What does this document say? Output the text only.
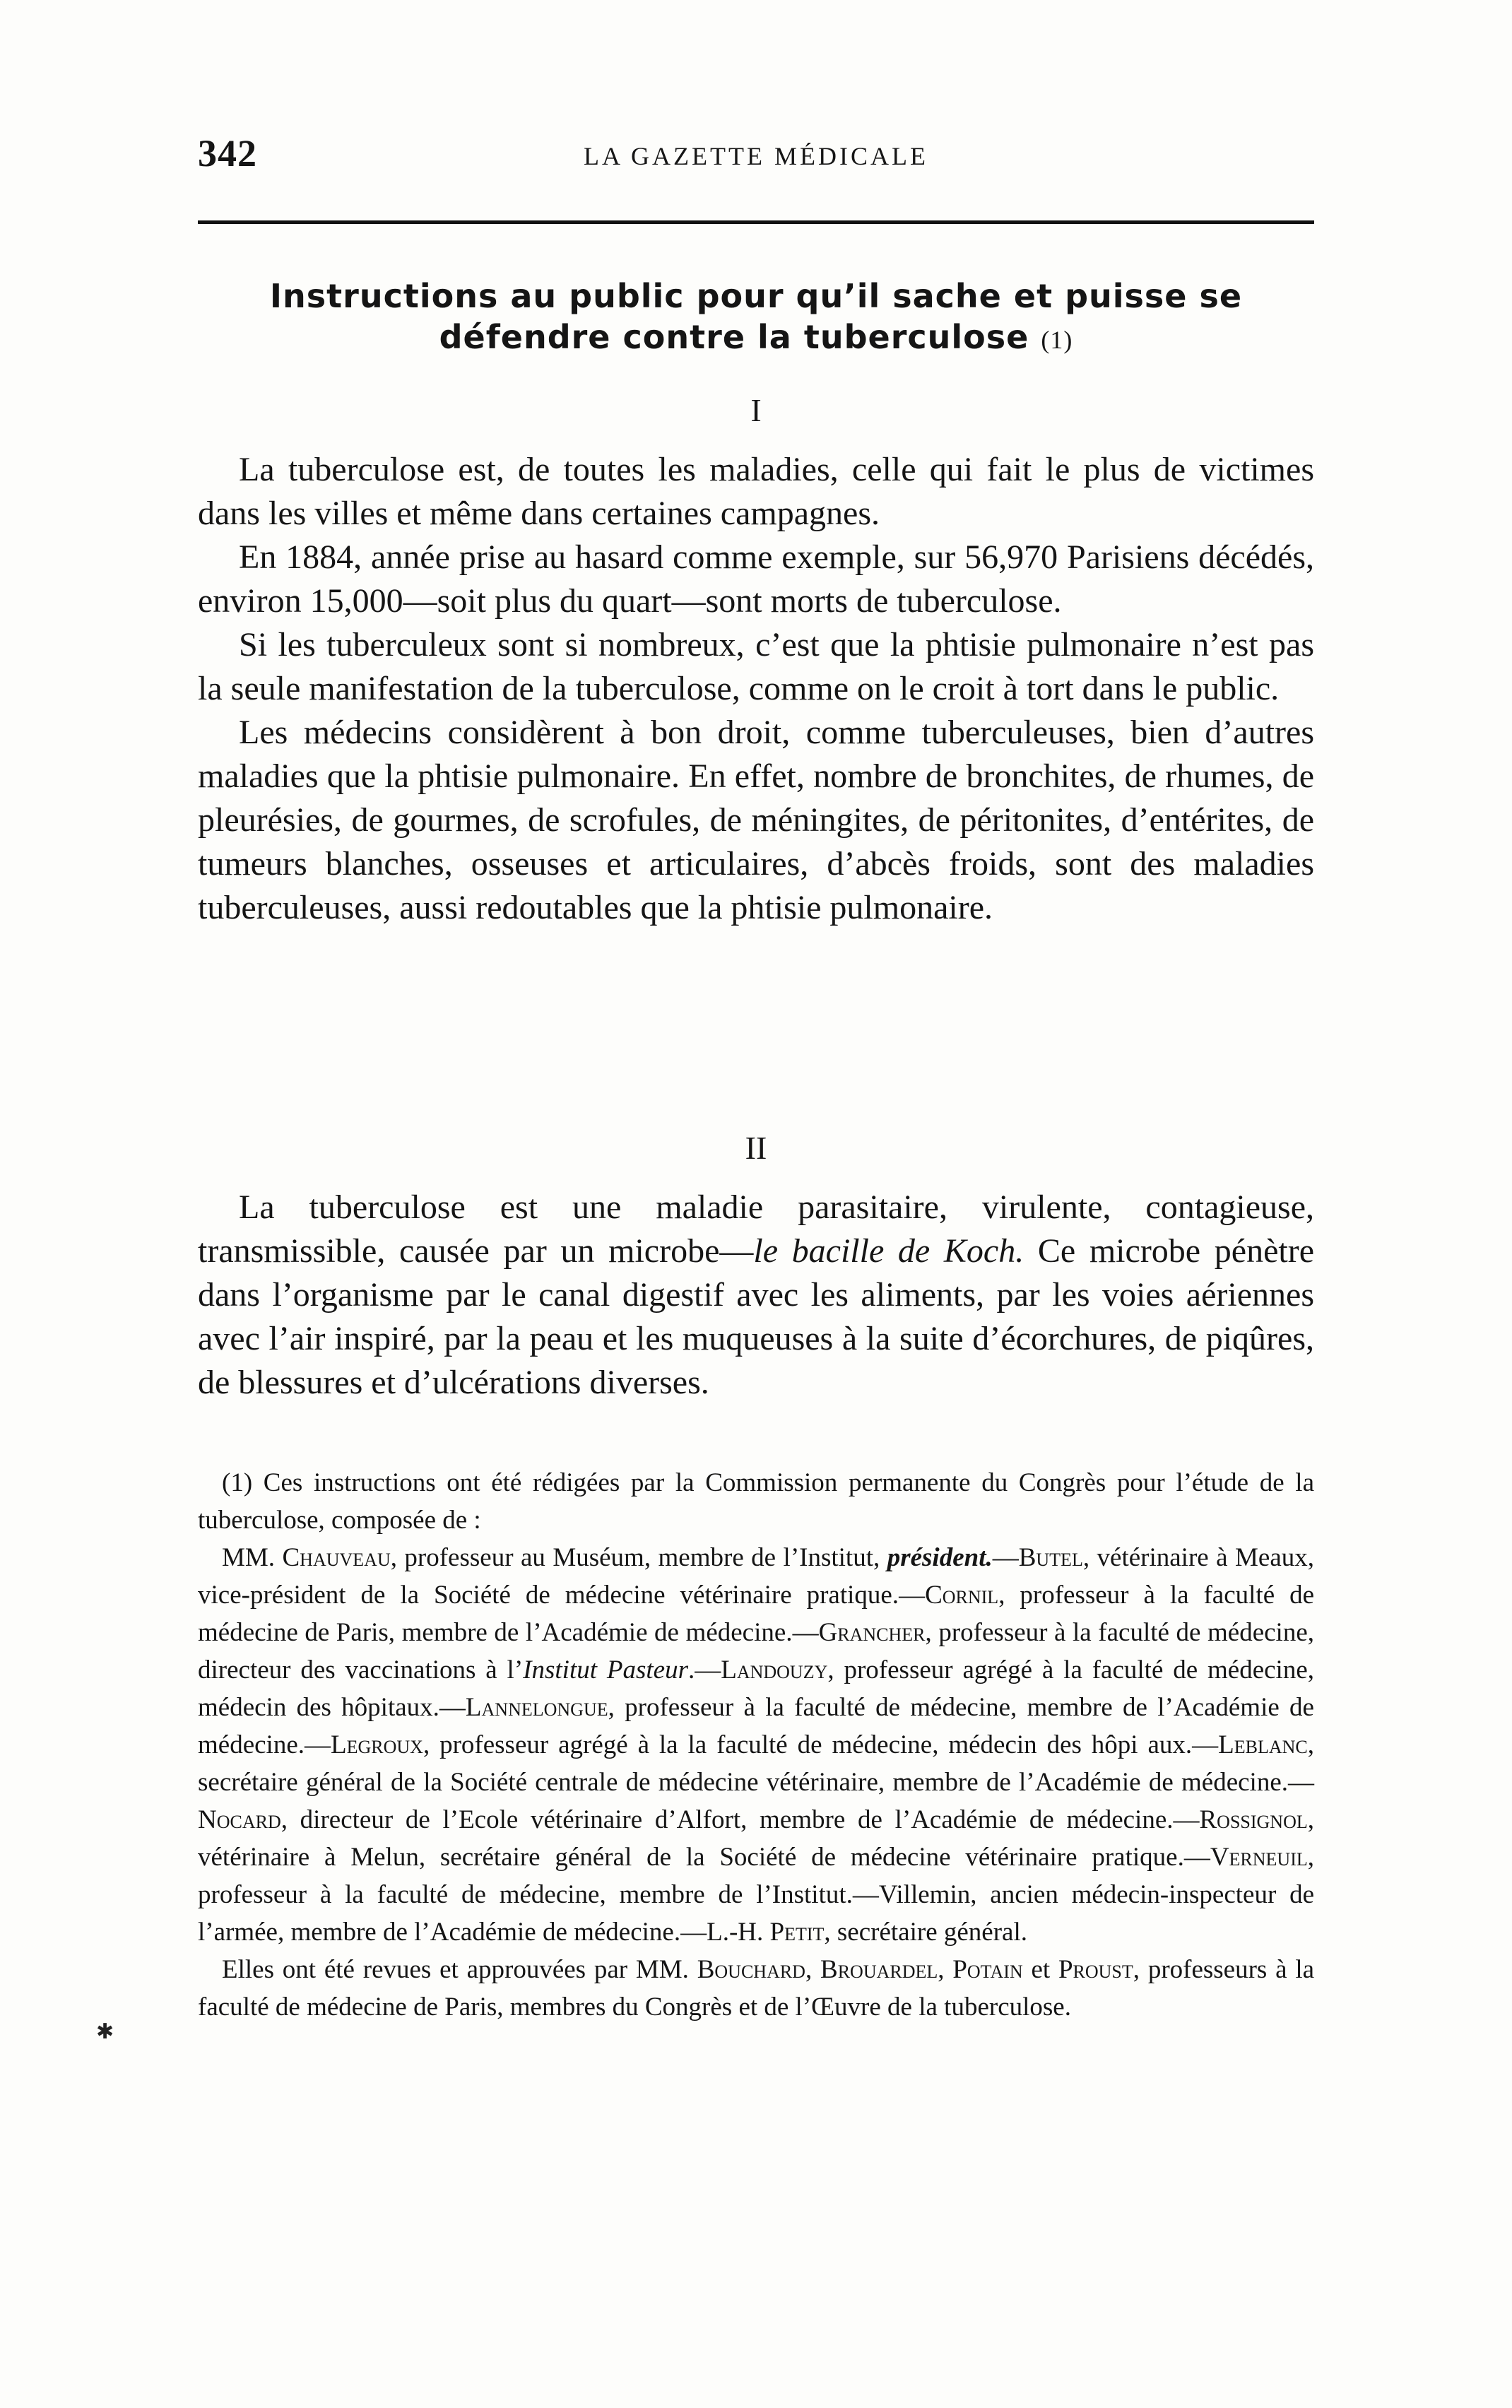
342	LA GAZETTE MÉDICALE
Instructions au public pour qu’il sache et puisse se
défendre contre la tuberculose (1)
I

La tuberculose est, de toutes les maladies, celle qui fait le plus de victimes dans les villes et même dans certaines campagnes.

En 1884, année prise au hasard comme exemple, sur 56,970 Parisiens décédés, environ 15,000—soit plus du quart—sont morts de tuberculose.

Si les tuberculeux sont si nombreux, c’est que la phtisie pulmonaire n’est pas la seule manifestation de la tuberculose, comme on le croit à tort dans le public.

Les médecins considèrent à bon droit, comme tuberculeuses, bien d’autres maladies que la phtisie pulmonaire. En effet, nombre de bronchites, de rhumes, de pleurésies, de gourmes, de scrofules, de méningites, de péritonites, d’entérites, de tumeurs blanches, osseuses et articulaires, d’abcès froids, sont des maladies tuberculeuses, aussi redoutables que la phtisie pulmonaire.

II

La tuberculose est une maladie parasitaire, virulente, contagieuse, transmissible, causée par un microbe—le bacille de Koch. Ce microbe pénètre dans l’organisme par le canal digestif avec les aliments, par les voies aériennes avec l’air inspiré, par la peau et les muqueuses à la suite d’écorchures, de piqûres, de blessures et d’ulcérations diverses.

(1) Ces instructions ont été rédigées par la Commission permanente du Congrès pour l’étude de la tuberculose, composée de :

MM. Chauveau, professeur au Muséum, membre de l’Institut, président.—Butel, vétérinaire à Meaux, vice-président de la Société de médecine vétérinaire pratique.—Cornil, professeur à la faculté de médecine de Paris, membre de l’Académie de médecine.—Grancher, professeur à la faculté de médecine, directeur des vaccinations à l’Institut Pasteur.—Landouzy, professeur agrégé à la faculté de médecine, médecin des hôpitaux.—Lannelongue, professeur à la faculté de médecine, membre de l’Académie de médecine.—Legroux, professeur agrégé à la la faculté de médecine, médecin des hôpi aux.—Leblanc, secrétaire général de la Société centrale de médecine vétérinaire, membre de l’Académie de médecine.—Nocard, directeur de l’Ecole vétérinaire d’Alfort, membre de l’Académie de médecine.—Rossignol, vétérinaire à Melun, secrétaire général de la Société de médecine vétérinaire pratique.—Verneuil, professeur à la faculté de médecine, membre de l’Institut.—Villemin, ancien médecin-inspecteur de l’armée, membre de l’Académie de médecine.—L.-H. Petit, secrétaire général.

Elles ont été revues et approuvées par MM. Bouchard, Brouardel, Potain et Proust, professeurs à la faculté de médecine de Paris, membres du Congrès et de l’Œuvre de la tuberculose.

✱
